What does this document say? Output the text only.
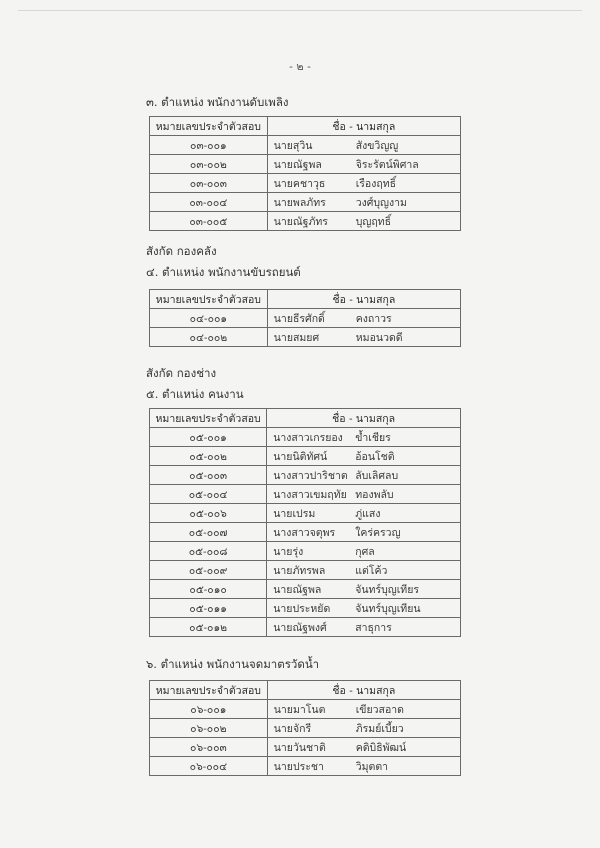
- ๒ -
๓. ตำแหน่ง พนักงานดับเพลิง
หมายเลขประจำตัวสอบ	ชื่อ - นามสกุล
๐๓-๐๐๑	นายสุวิน สังขวิญญู

๐๓-๐๐๒	นายณัฐพล จิระรัตน์พิศาล

๐๓-๐๐๓	นายคชาวุธ เรืองฤทธิ์

๐๓-๐๐๔	นายพลภัทร วงศ์บุญงาม

๐๓-๐๐๕	นายณัฐภัทร บุญฤทธิ์
สังกัด กองคลัง
๔. ตำแหน่ง พนักงานขับรถยนต์
หมายเลขประจำตัวสอบ	ชื่อ - นามสกุล
๐๔-๐๐๑	นายธีรศักดิ์ คงถาวร

๐๔-๐๐๒	นายสมยศ หมอนวดดี
สังกัด กองช่าง
๕. ตำแหน่ง คนงาน
หมายเลขประจำตัวสอบ	ชื่อ - นามสกุล
๐๕-๐๐๑	นางสาวเกรยอง ข้ำเชียร

๐๕-๐๐๒	นายนิติทัศน์ อ้อนโชติ

๐๕-๐๐๓	นางสาวปาริชาต ลับเลิศลบ

๐๕-๐๐๔	นางสาวเขมฤทัย ทองพลับ

๐๕-๐๐๖	นายเปรม ภู่แสง

๐๕-๐๐๗	นางสาวจตุพร ใคร่ครวญ

๐๕-๐๐๘	นายรุ่ง กุศล

๐๕-๐๐๙	นายภัทรพล แต่โค้ว

๐๕-๐๑๐	นายณัฐพล จันทร์บุญเทียร

๐๕-๐๑๑	นายประหยัด จันทร์บุญเทียน

๐๕-๐๑๒	นายณัฐพงศ์ สาธุการ
๖. ตำแหน่ง พนักงานจดมาตรวัดน้ำ
หมายเลขประจำตัวสอบ	ชื่อ - นามสกุล
๐๖-๐๐๑	นายมาโนต เขียวสอาด

๐๖-๐๐๒	นายจักรี ภิรมย์เบี้ยว

๐๖-๐๐๓	นายวันชาติ คติบิธิพัฒน์

๐๖-๐๐๔	นายประชา วิมุตตา
